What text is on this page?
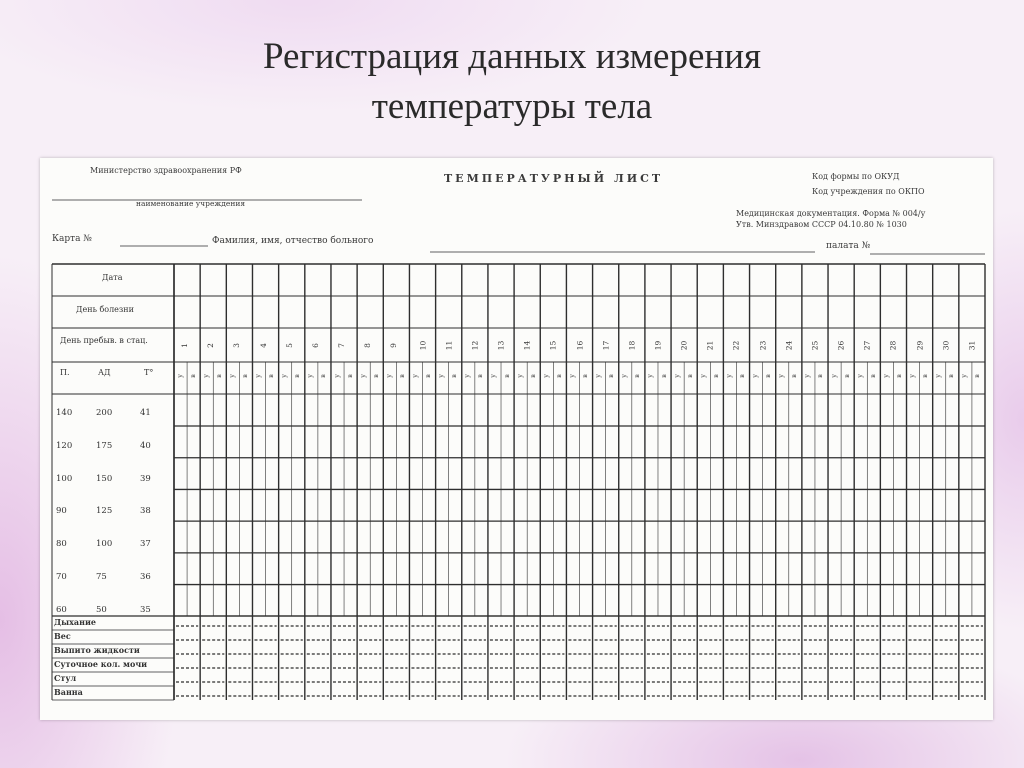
Регистрация данных измерения
температуры тела
Министерство здравоохранения РФ
наименование учреждения
ТЕМПЕРАТУРНЫЙ ЛИСТ	Код формы по ОКУД
Код учреждения по ОКПО
Медицинская документация. Форма № 004/у
Утв. Минздравом СССР 04.10.80 № 1030
Карта №	Фамилия, имя, отчество больного	палата №
Дата
День болезни
День пребыв. в стац.
П.	АД	Т°
1 2 3 4 5 6 7 8 9	10 11 12 13 14 15 16 17 18 19 20 21 22 23 24 25 26 27 28 29 30 31
у в у в у в у в у в у в у в у в у в у в у в у в у в у в у в у в у в у в у в у в у в у в у в у в у в у в у в у в у в у в у в
140	200	41
120	175	40
100	150	39
90	125	38
80	100	37
70	75	36
60	50	35
Дыхание
Вес
Выпито жидкости
Суточное кол. мочи
Стул
Ванна
